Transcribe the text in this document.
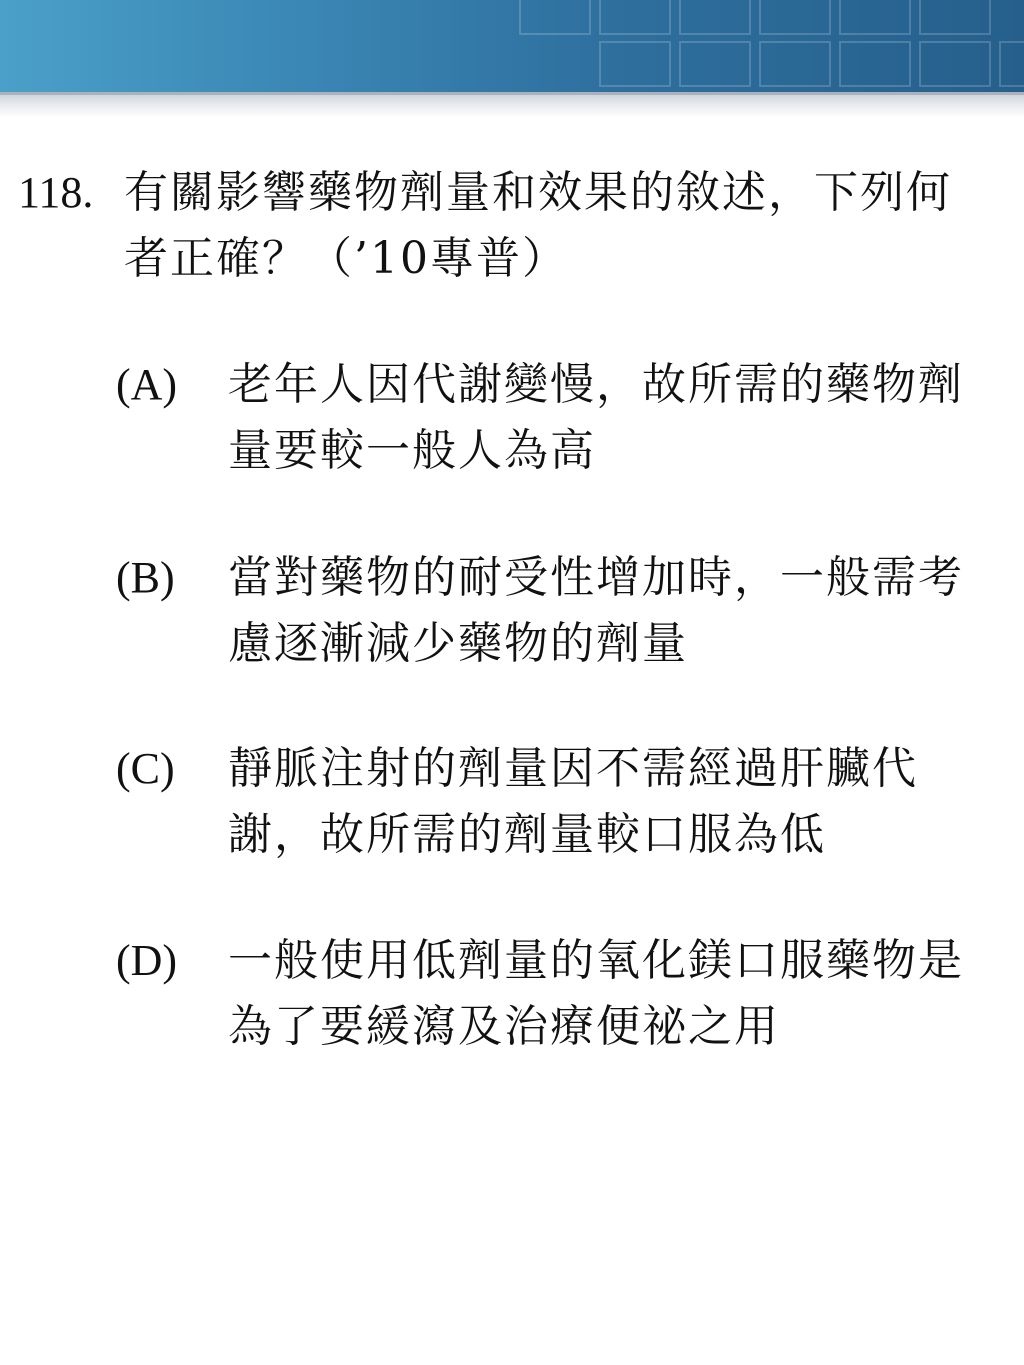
118. 有關影響藥物劑量和效果的敘述，下列何者正確？（’10專普）

(A) 老年人因代謝變慢，故所需的藥物劑量要較一般人為高

(B) 當對藥物的耐受性增加時，一般需考慮逐漸減少藥物的劑量

(C) 靜脈注射的劑量因不需經過肝臟代謝，故所需的劑量較口服為低

(D) 一般使用低劑量的氧化鎂口服藥物是為了要緩瀉及治療便祕之用
